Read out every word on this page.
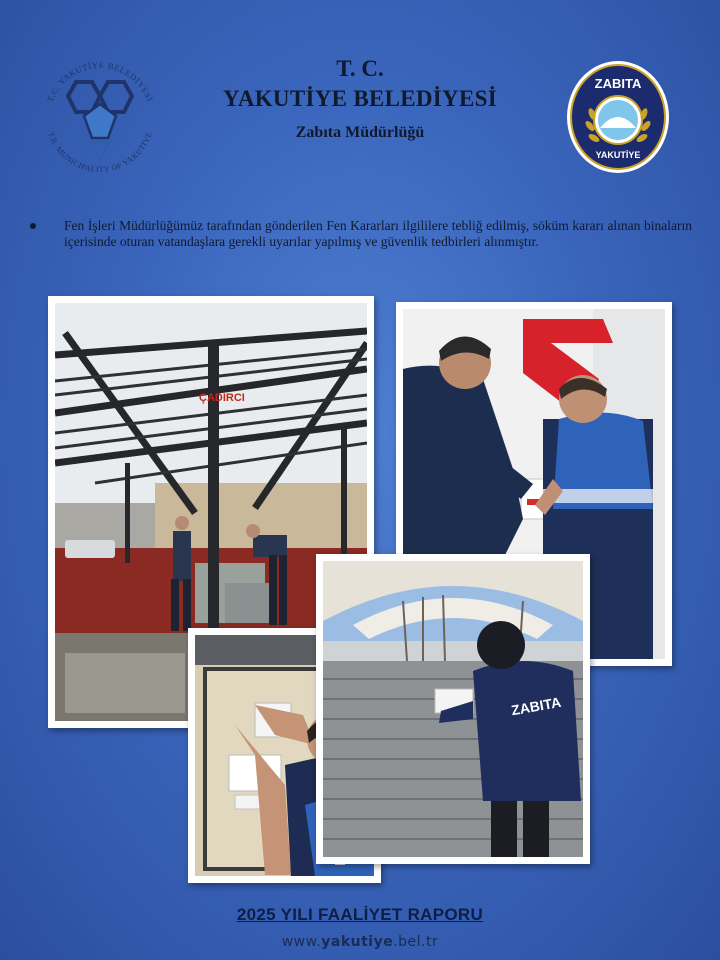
T.C. YAKUTİYE BELEDİYESİ
T.R. MUNICIPALITY OF YAKUTİYE
T. C.
YAKUTİYE BELEDİYESİ
Zabıta Müdürlüğü
ZABITA
YAKUTİYE
Fen İşleri Müdürlüğümüz tarafından gönderilen Fen Kararları ilgililere tebliğ edilmiş, söküm kararı alınan binaların içerisinde oturan vatandaşlara gerekli uyarılar yapılmış ve güvenlik tedbirleri alınmıştır.
ÇADIRCI
ZABITA
2025 YILI FAALİYET RAPORU
www.yakutiye.bel.tr
